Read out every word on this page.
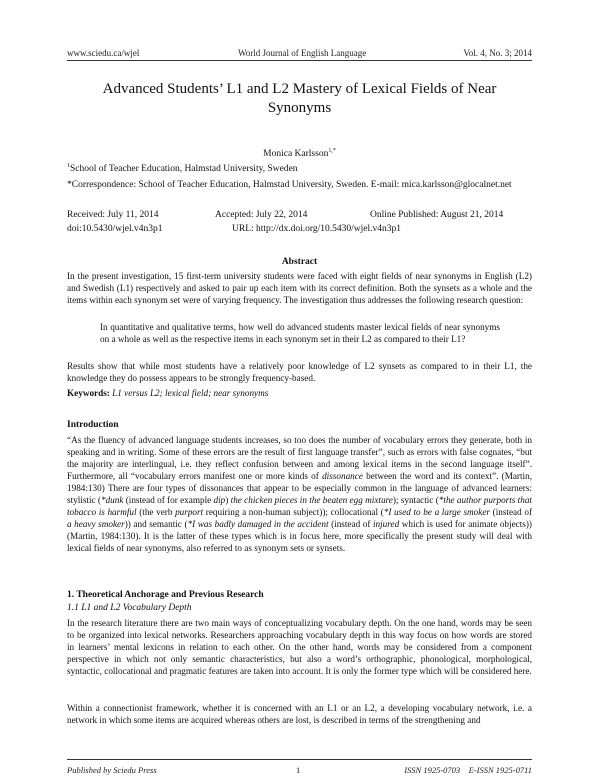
www.sciedu.ca/wjel	World Journal of English Language	Vol. 4, No. 3; 2014
Advanced Students’ L1 and L2 Mastery of Lexical Fields of Near
Synonyms
Monica Karlsson$^{1,*}$
$^1$School of Teacher Education, Halmstad University, Sweden
*Correspondence: School of Teacher Education, Halmstad University, Sweden. E-mail: mica.karlsson@glocalnet.net
Received: July 11, 2014	Accepted: July 22, 2014	Online Published: August 21, 2014
doi:10.5430/wjel.v4n3p1	URL: http://dx.doi.org/10.5430/wjel.v4n3p1
Abstract
In the present investigation, 15 first-term university students were faced with eight fields of near synonyms in English (L2) and Swedish (L1) respectively and asked to pair up each item with its correct definition. Both the synsets as a whole and the items within each synonym set were of varying frequency. The investigation thus addresses the following research question:
In quantitative and qualitative terms, how well do advanced students master lexical fields of near synonyms on a whole as well as the respective items in each synonym set in their L2 as compared to their L1?
Results show that while most students have a relatively poor knowledge of L2 synsets as compared to in their L1, the knowledge they do possess appears to be strongly frequency-based.
Keywords: L1 versus L2; lexical field; near synonyms
Introduction
“As the fluency of advanced language students increases, so too does the number of vocabulary errors they generate, both in speaking and in writing. Some of these errors are the result of first language transfer”, such as errors with false cognates, “but the majority are interlingual, i.e. they reflect confusion between and among lexical items in the second language itself”. Furthermore, all “vocabulary errors manifest one or more kinds of dissonance between the word and its context”. (Martin, 1984:130) There are four types of dissonances that appear to be especially common in the language of advanced learners: stylistic (*dunk (instead of for example dip) the chicken pieces in the beaten egg mixture); syntactic (*the author purports that tobacco is harmful (the verb purport requiring a non-human subject)); collocational (*I used to be a large smoker (instead of a heavy smoker)) and semantic (*I was badly damaged in the accident (instead of injured which is used for animate objects)) (Martin, 1984:130). It is the latter of these types which is in focus here, more specifically the present study will deal with lexical fields of near synonyms, also referred to as synonym sets or synsets.
1. Theoretical Anchorage and Previous Research
1.1 L1 and L2 Vocabulary Depth
In the research literature there are two main ways of conceptualizing vocabulary depth. On the one hand, words may be seen to be organized into lexical networks. Researchers approaching vocabulary depth in this way focus on how words are stored in learners’ mental lexicons in relation to each other. On the other hand, words may be considered from a component perspective in which not only semantic characteristics, but also a word’s orthographic, phonological, morphological, syntactic, collocational and pragmatic features are taken into account. It is only the former type which will be considered here.
Within a connectionist framework, whether it is concerned with an L1 or an L2, a developing vocabulary network, i.e. a network in which some items are acquired whereas others are lost, is described in terms of the strengthening and
Published by Sciedu Press	1	ISSN 1925-0703    E-ISSN 1925-0711
